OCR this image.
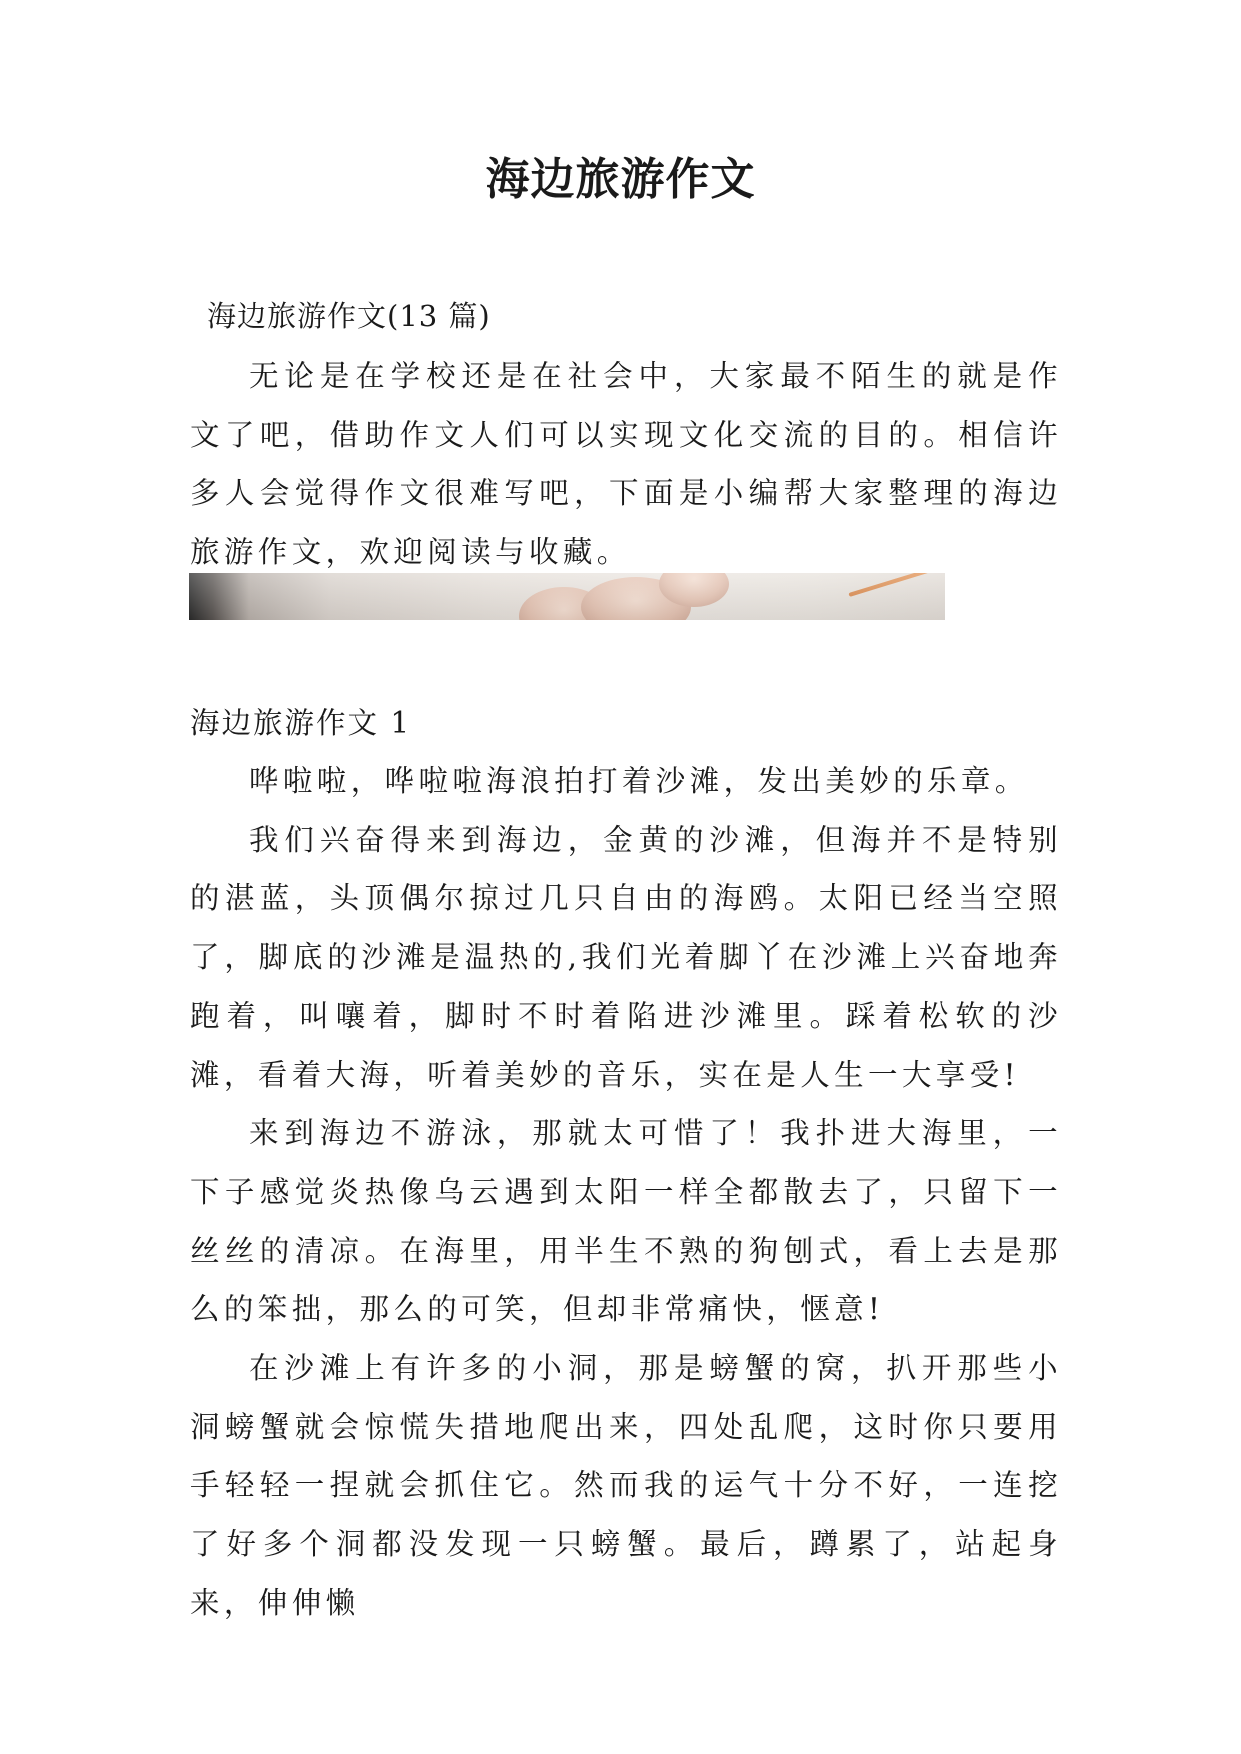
海边旅游作文
海边旅游作文(13 篇)

无论是在学校还是在社会中，大家最不陌生的就是作文了吧，借助作文人们可以实现文化交流的目的。相信许多人会觉得作文很难写吧，下面是小编帮大家整理的海边旅游作文，欢迎阅读与收藏。

海边旅游作文 1

哗啦啦，哗啦啦海浪拍打着沙滩，发出美妙的乐章。

我们兴奋得来到海边，金黄的沙滩，但海并不是特别的湛蓝，头顶偶尔掠过几只自由的海鸥。太阳已经当空照了，脚底的沙滩是温热的,我们光着脚丫在沙滩上兴奋地奔跑着，叫嚷着，脚时不时着陷进沙滩里。踩着松软的沙滩，看着大海，听着美妙的音乐，实在是人生一大享受!

来到海边不游泳，那就太可惜了！我扑进大海里，一下子感觉炎热像乌云遇到太阳一样全都散去了，只留下一丝丝的清凉。在海里，用半生不熟的狗刨式，看上去是那么的笨拙，那么的可笑，但却非常痛快，惬意!

在沙滩上有许多的小洞，那是螃蟹的窝，扒开那些小洞螃蟹就会惊慌失措地爬出来，四处乱爬，这时你只要用手轻轻一捏就会抓住它。然而我的运气十分不好，一连挖了好多个洞都没发现一只螃蟹。最后，蹲累了，站起身来，伸伸懒
